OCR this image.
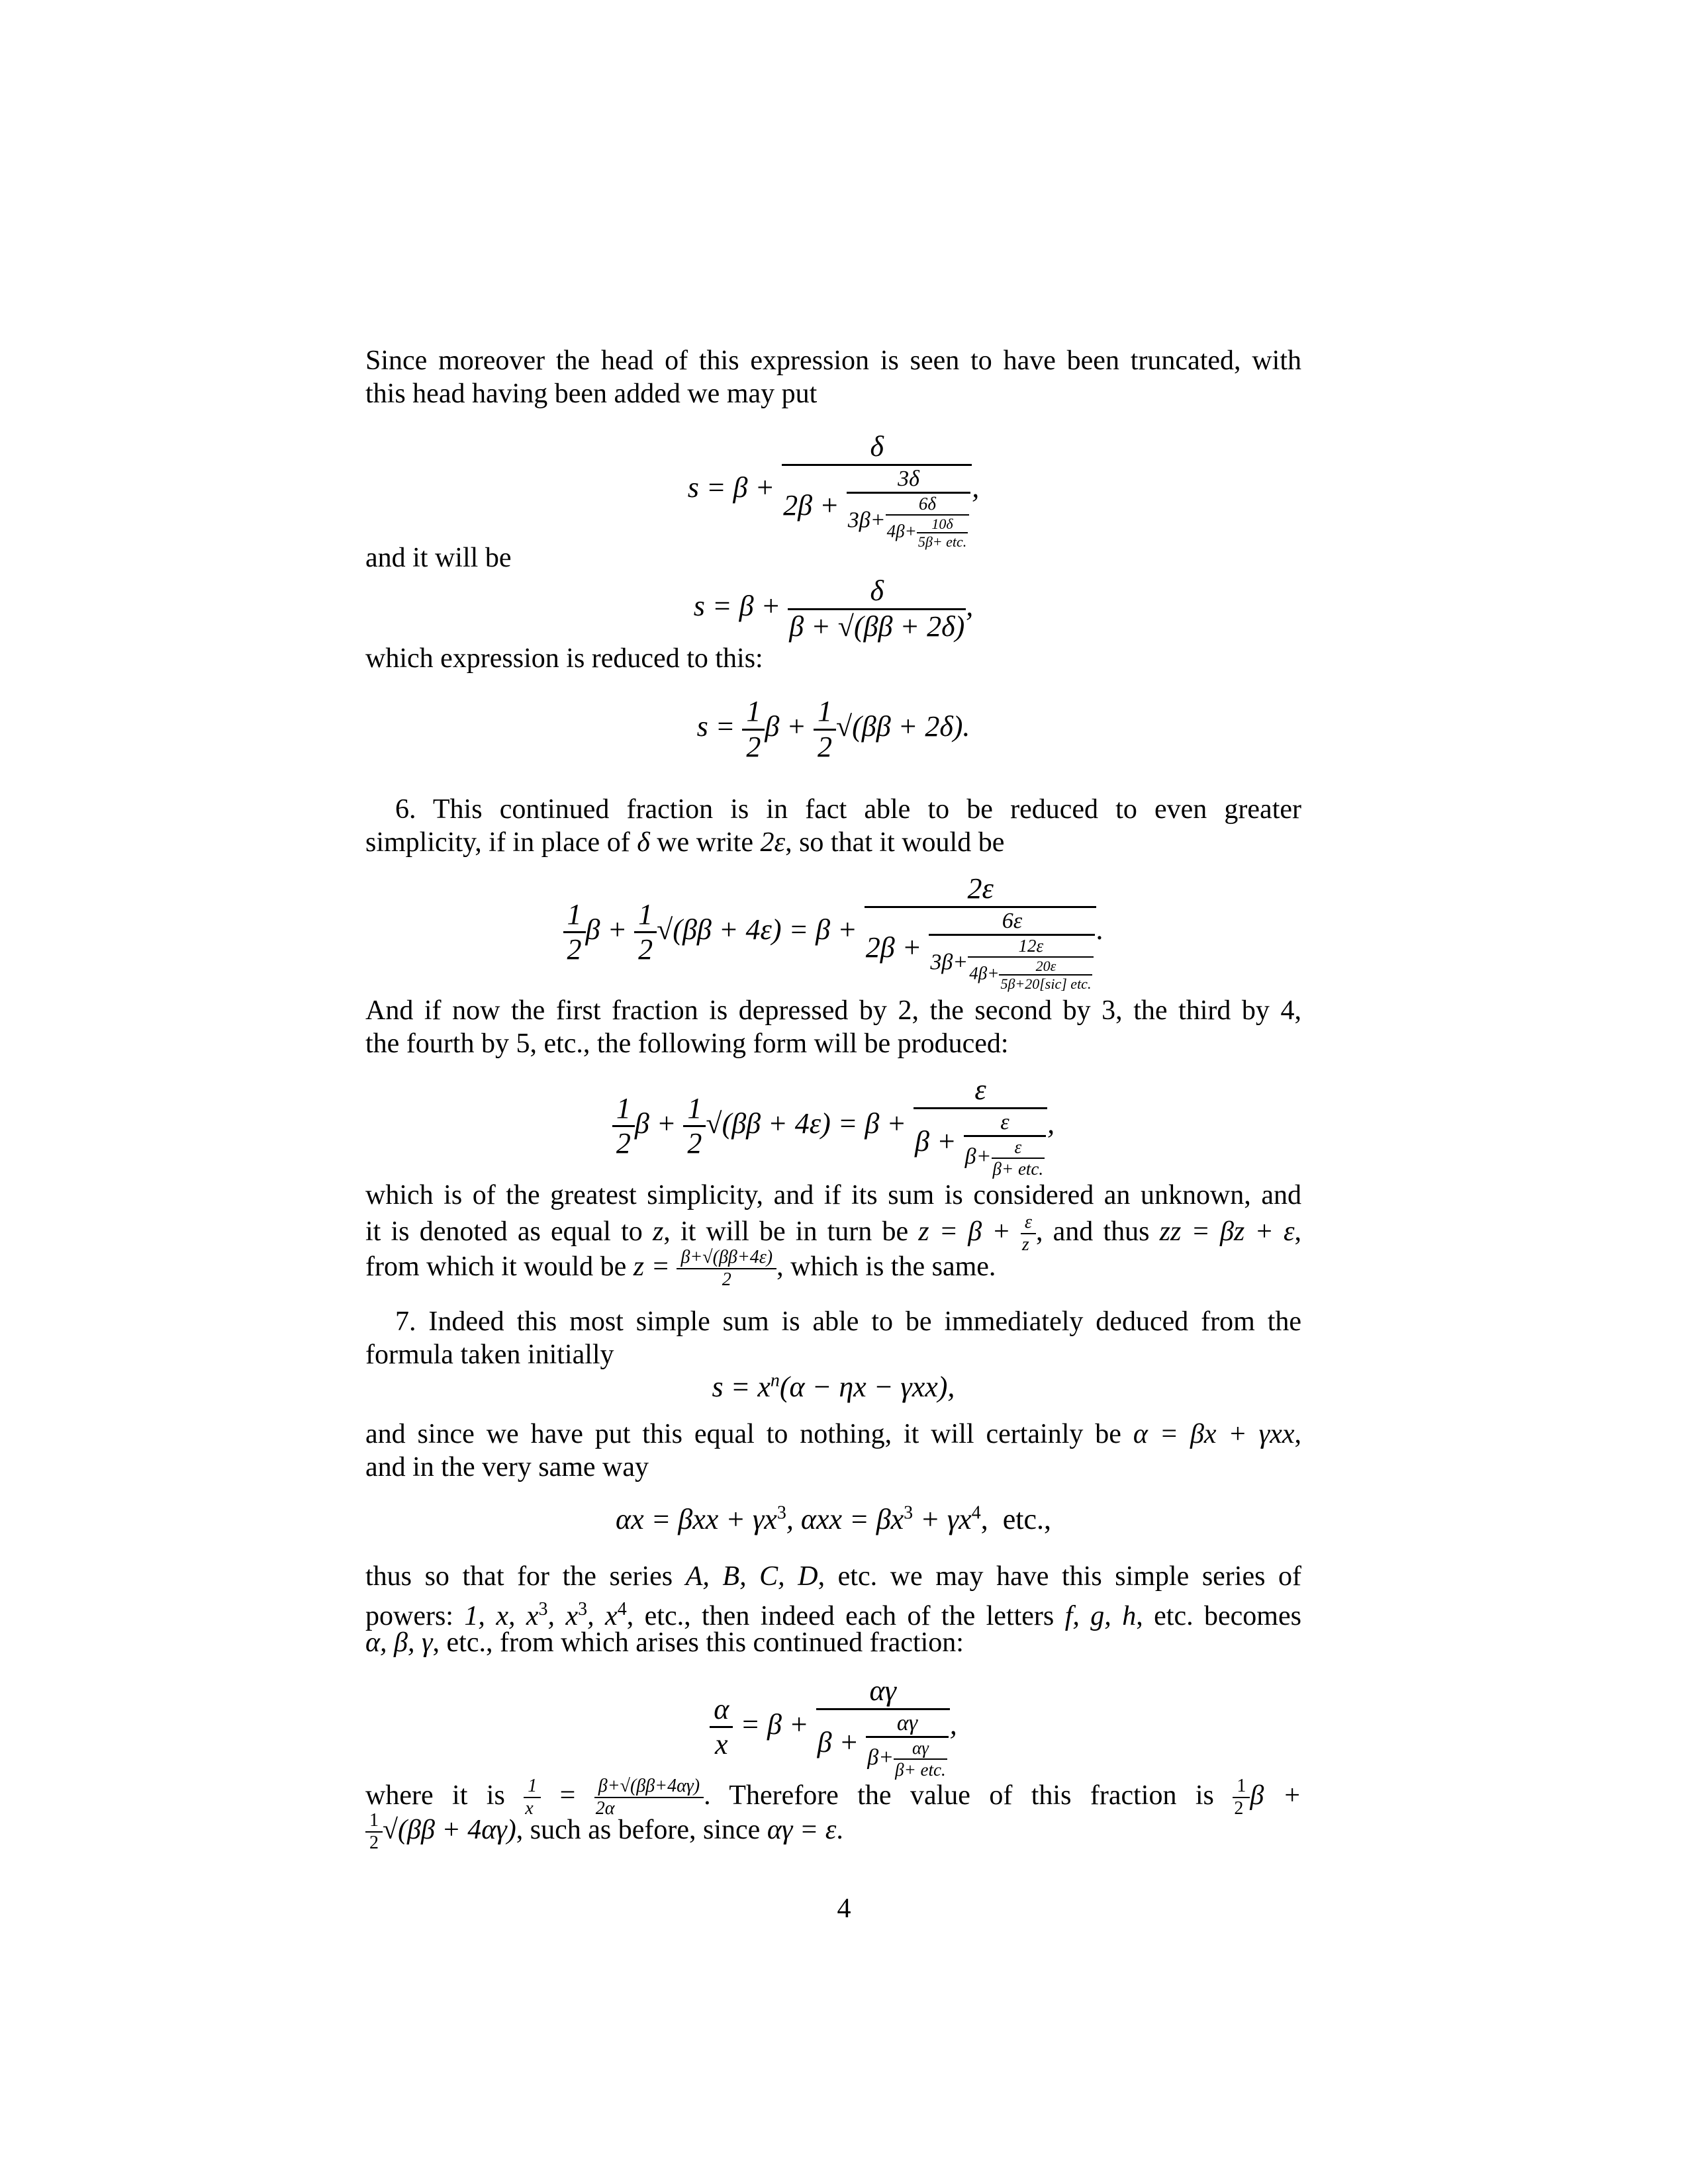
Since moreover the head of this expression is seen to have been truncated, with
this head having been added we may put
s = β +
δ
2β +
3δ
3β+
6δ
4β+	10δ
5β+ etc.
,
and it will be
$s = \beta + \frac{\delta}{\beta + √(\beta\beta + 2\delta)}$ ,
which expression is reduced to this:
$s = \frac{1}{2}$ $\beta + \frac{1}{2} √(\beta\beta + 2\delta)$.
6. This continued fraction is in fact able to be reduced to even greater
simplicity, if in place of δ we write 2ε, so that it would be
$\frac{1}{2}$ $\beta + \frac{1}{2} √(\beta\beta + 4\varepsilon) = \beta$ +
2ε
2β +
6ε
3β+
12ε
4β+	20ε
5β+20[sic] etc.
.
And if now the first fraction is depressed by 2, the second by 3, the third by 4,
the fourth by 5, etc., the following form will be produced:
$\frac{1}{2}$ $\beta + \frac{1}{2} √(\beta\beta + 4\varepsilon) = \beta$ +
ε
β +
ε
β+	ε
β+ etc.
,
which is of the greatest simplicity, and if its sum is considered an unknown, and
it is denoted as equal to z, it will be in turn be $z = \beta + \frac{\varepsilon}{z}$ , and thus zz = βz + ε,
from which it would be $z = \frac{\beta+√(\beta\beta+4\varepsilon)}{2}$ , which is the same.
7. Indeed this most simple sum is able to be immediately deduced from the
formula taken initially
$s = x^n(\alpha - \eta x - \gamma xx)$,
and since we have put this equal to nothing, it will certainly be α = βx + γxx,
and in the very same way
$\alpha x = \beta xx + \gamma x^3$, $\alpha xx = \beta x^3 + \gamma x^4$,  etc.,
thus so that for the series A, B, C, D, etc. we may have this simple series of
powers: 1, x, $x^3$, $x^3$, $x^4$, etc., then indeed each of the letters f, g, h, etc. becomes
α, β, γ, etc., from which arises this continued fraction:
$\frac{\alpha}{x} = \beta$ +
αγ
β +
αγ
β+	αγ
β+ etc.
,
where it is $\frac{1}{x} = \frac{\beta+√(\beta\beta+4\alpha\gamma)}{2\alpha}$ . Therefore the value of this fraction is $\frac{1}{2}$ β +
$\frac{1}{2} √(\beta\beta + 4\alpha\gamma)$, such as before, since αγ = ε.
4
